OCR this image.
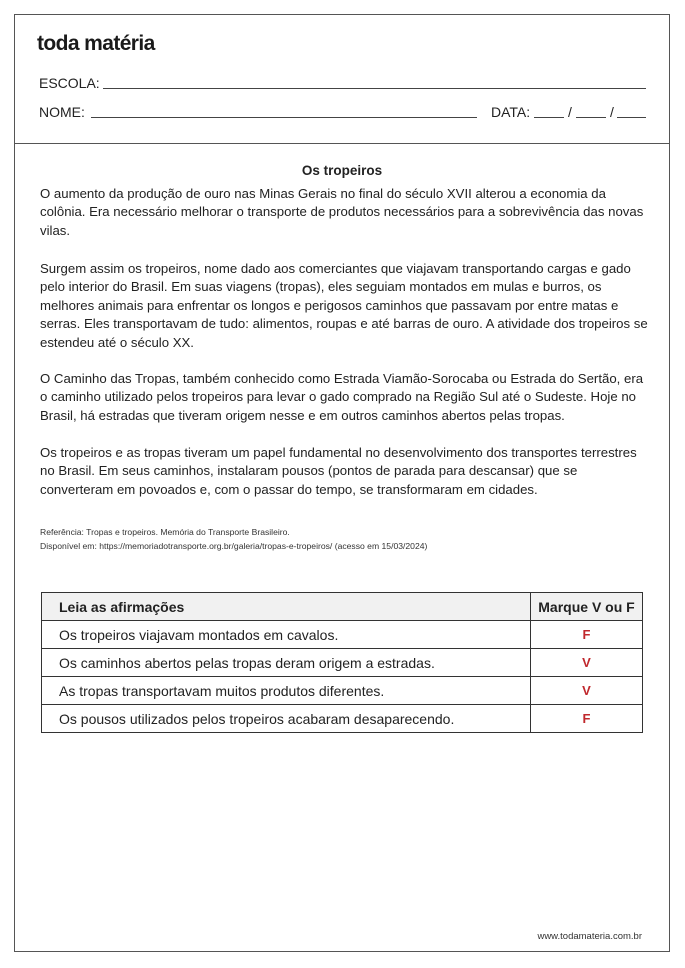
toda matéria
ESCOLA:
NOME:	DATA:	/	/
Os tropeiros

O aumento da produção de ouro nas Minas Gerais no final do século XVII alterou a economia da colônia. Era necessário melhorar o transporte de produtos necessários para a sobrevivência das novas vilas.

Surgem assim os tropeiros, nome dado aos comerciantes que viajavam transportando cargas e gado pelo interior do Brasil. Em suas viagens (tropas), eles seguiam montados em mulas e burros, os melhores animais para enfrentar os longos e perigosos caminhos que passavam por entre matas e serras. Eles transportavam de tudo: alimentos, roupas e até barras de ouro. A atividade dos tropeiros se estendeu até o século XX.

O Caminho das Tropas, também conhecido como Estrada Viamão-Sorocaba ou Estrada do Sertão, era o caminho utilizado pelos tropeiros para levar o gado comprado na Região Sul até o Sudeste. Hoje no Brasil, há estradas que tiveram origem nesse e em outros caminhos abertos pelas tropas.

Os tropeiros e as tropas tiveram um papel fundamental no desenvolvimento dos transportes terrestres no Brasil. Em seus caminhos, instalaram pousos (pontos de parada para descansar) que se converteram em povoados e, com o passar do tempo, se transformaram em cidades.

Referência: Tropas e tropeiros. Memória do Transporte Brasileiro.
Disponível em: https://memoriadotransporte.org.br/galeria/tropas-e-tropeiros/ (acesso em 15/03/2024)
Leia as afirmações	Marque V ou F
Os tropeiros viajavam montados em cavalos.	F
Os caminhos abertos pelas tropas deram origem a estradas.	V
As tropas transportavam muitos produtos diferentes.	V
Os pousos utilizados pelos tropeiros acabaram desaparecendo.	F
www.todamateria.com.br
